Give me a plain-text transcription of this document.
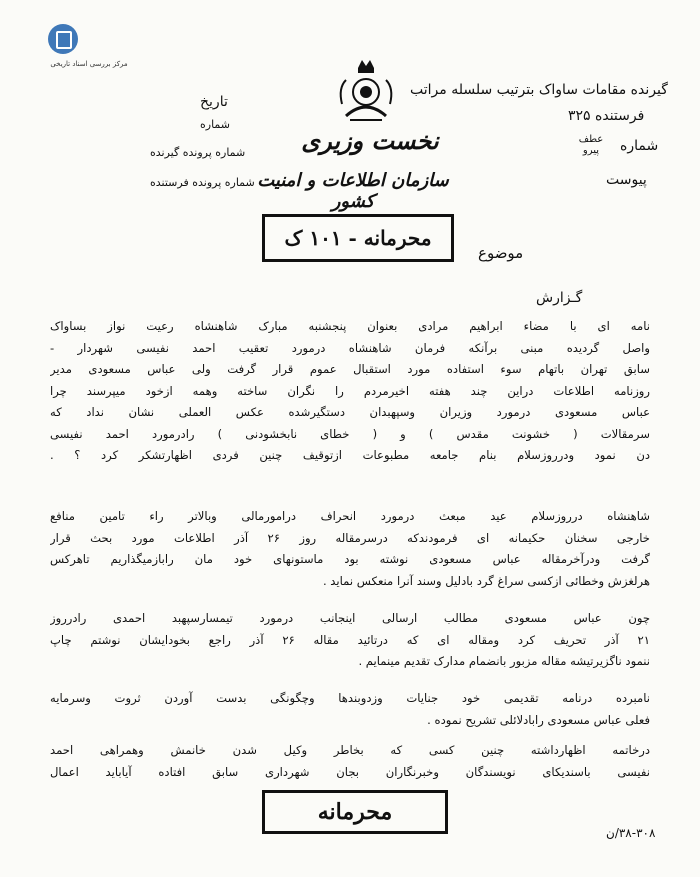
مرکز بررسی اسناد تاریخی
گیرنده مقامات ساواک بترتیب سلسله مراتب
فرستنده ۳۲۵
شماره
عطف پیرو
پیوست
تاریخ
شماره
شماره پرونده گیرنده
شماره پرونده فرستنده
نخست وزیری
سازمان اطلاعات و امنیت کشور
محرمانه - ۱۰۱ ک
موضوع
گـزارش
نامه ای با مضاء ابراهیم مرادی بعنوان پنجشنبه مبارک شاهنشاه رعیت نواز بساواک
واصل گردیده مبنی برآنکه فرمان شاهنشاه درمورد تعقیب احمد نفیسی شهردار -
سابق تهران باتهام سوء استفاده مورد استقبال عموم قرار گرفت ولی عباس مسعودی مدیر
روزنامه اطلاعات دراین چند هفته اخیرمردم را نگران ساخته وهمه ازخود میپرسند چرا
عباس مسعودی درمورد وزیران وسپهبدان دستگیرشده عکس العملی نشان نداد که
سرمقالات ( خشونت مقدس ) و ( خطای نابخشودنی ) رادرمورد احمد نفیسی
دن نمود ودرروزسلام بنام جامعه مطبوعات ازتوقیف چنین فردی اظهارتشکر کرد ؟ .
شاهنشاه درروزسلام عید مبعث درمورد انحراف درامورمالی وبالاتر راء تامین منافع
خارجی سخنان حکیمانه ای فرمودندکه درسرمقاله روز ۲۶ آذر اطلاعات مورد بحث قرار
گرفت ودرآخرمقاله عباس مسعودی نوشته بود ماستونهای خود مان رابازمیگذاریم تاهرکس
هرلغزش وخطائی ازکسی سراغ گرد بادلیل وسند آنرا منعکس نماید .
چون عباس مسعودی مطالب ارسالی اینجانب درمورد تیمسارسپهبد احمدی رادرروز
۲۱ آذر تحریف کرد ومقاله ای که درتائید مقاله ۲۶ آذر راجع بخودایشان نوشتم چاپ
ننمود ناگزیرتیشه مقاله مزبور بانضمام مدارک تقدیم مینمایم .
نامبرده درنامه تقدیمی خود جنایات وزدوبندها وچگونگی بدست آوردن ثروت وسرمایه
فعلی عباس مسعودی رابادلائلی تشریح نموده .
درخاتمه اظهارداشته چنین کسی که بخاطر وکیل شدن خانمش وهمراهی احمد
نفیسی باسندیکای نویسندگان وخبرنگاران بجان شهرداری سابق افتاده آیاباید اعمال
محرمانه
۳۸-۳۰۸/ن
